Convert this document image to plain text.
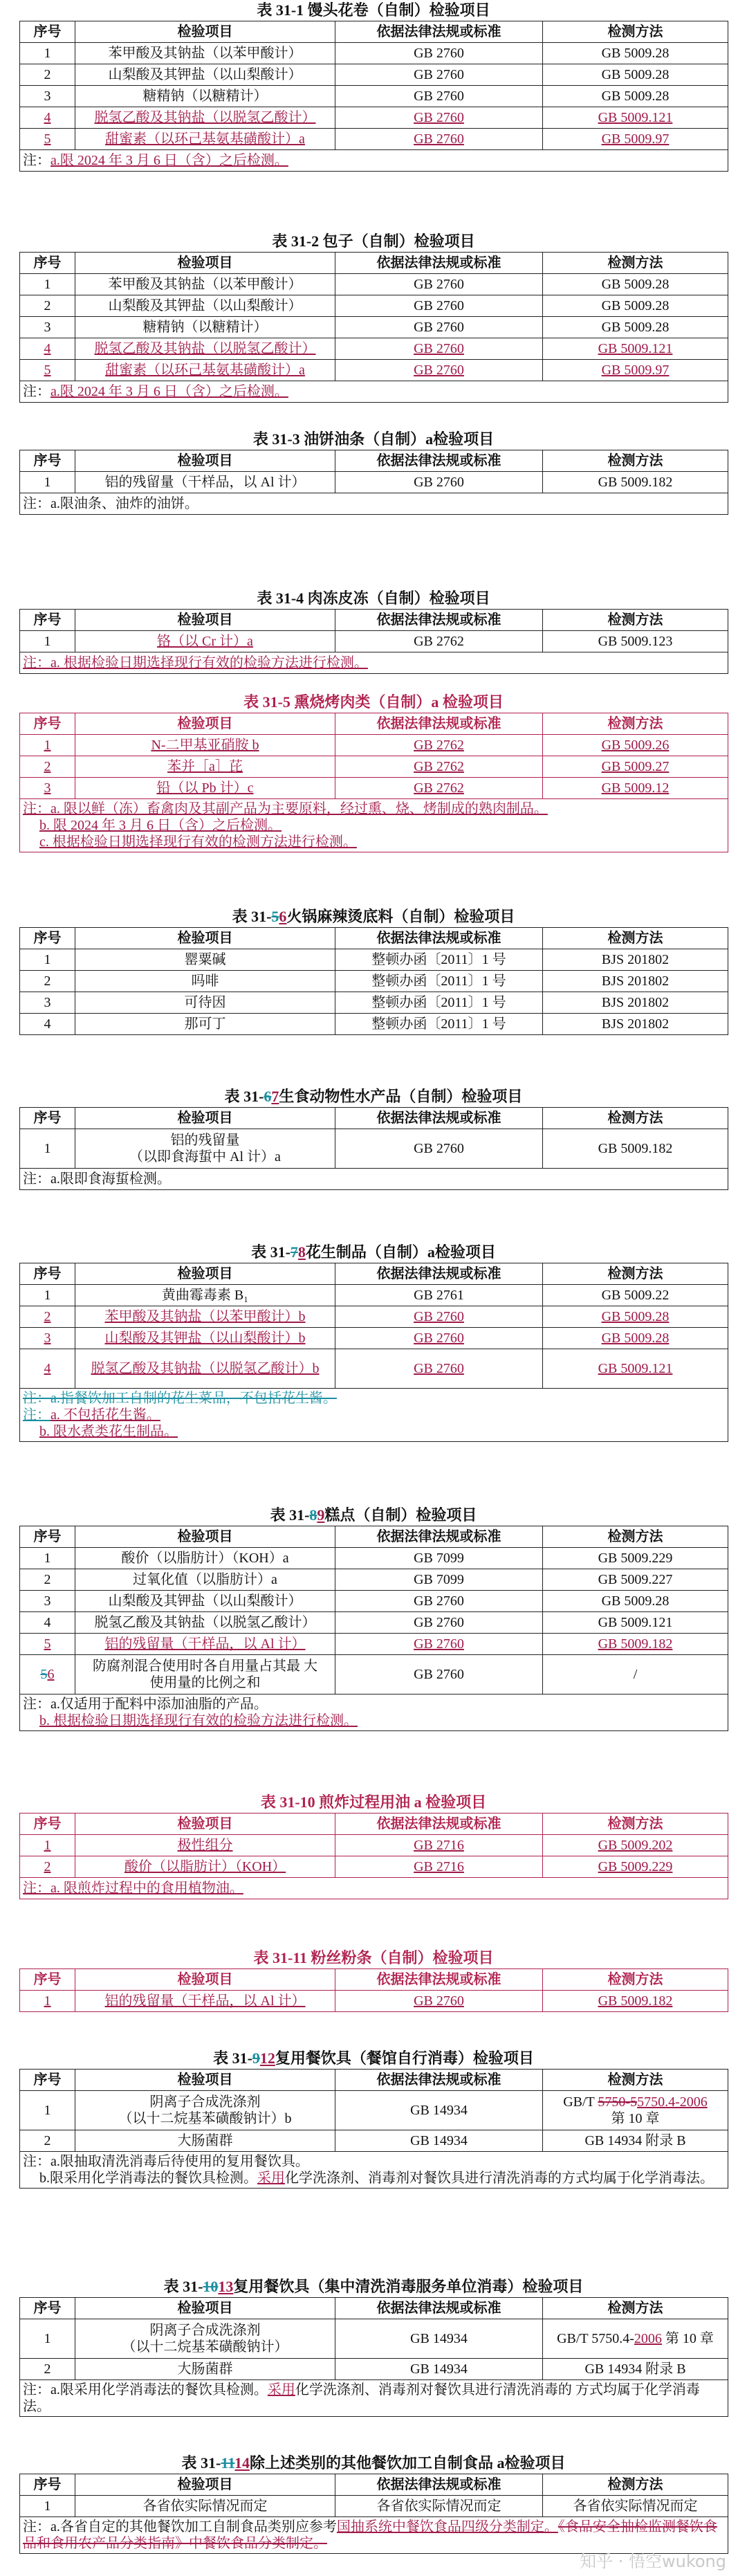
表 31-1 馒头花卷（自制）检验项目
序号	检验项目	依据法律法规或标准	检测方法
1	苯甲酸及其钠盐（以苯甲酸计）	GB 2760	GB 5009.28
2	山梨酸及其钾盐（以山梨酸计）	GB 2760	GB 5009.28
3	糖精钠（以糖精计）	GB 2760	GB 5009.28
4	脱氢乙酸及其钠盐（以脱氢乙酸计）	GB 2760	GB 5009.121
5	甜蜜素（以环己基氨基磺酸计）a	GB 2760	GB 5009.97
注：a.限 2024 年 3 月 6 日（含）之后检测。			
表 31-2 包子（自制）检验项目
序号	检验项目	依据法律法规或标准	检测方法
1	苯甲酸及其钠盐（以苯甲酸计）	GB 2760	GB 5009.28
2	山梨酸及其钾盐（以山梨酸计）	GB 2760	GB 5009.28
3	糖精钠（以糖精计）	GB 2760	GB 5009.28
4	脱氢乙酸及其钠盐（以脱氢乙酸计）	GB 2760	GB 5009.121
5	甜蜜素（以环己基氨基磺酸计）a	GB 2760	GB 5009.97
注：a.限 2024 年 3 月 6 日（含）之后检测。			
表 31-3 油饼油条（自制）a检验项目
序号	检验项目	依据法律法规或标准	检测方法
1	铝的残留量（干样品，以 Al 计）	GB 2760	GB 5009.182
注：a.限油条、油炸的油饼。			
表 31-4 肉冻皮冻（自制）检验项目
序号	检验项目	依据法律法规或标准	检测方法
1	铬（以 Cr 计）a	GB 2762	GB 5009.123
注：a. 根据检验日期选择现行有效的检验方法进行检测。			
表 31-5 熏烧烤肉类（自制）a 检验项目
序号	检验项目	依据法律法规或标准	检测方法
1	N-二甲基亚硝胺 b	GB 2762	GB 5009.26
2	苯并［a］芘	GB 2762	GB 5009.27
3	铅（以 Pb 计）c	GB 2762	GB 5009.12

注：a. 限以鲜（冻）畜禽肉及其副产品为主要原料，经过熏、烧、烤制成的熟肉制品。
b. 限 2024 年 3 月 6 日（含）之后检测。
c. 根据检验日期选择现行有效的检测方法进行检测。			
表 31-56火锅麻辣烫底料（自制）检验项目
序号	检验项目	依据法律法规或标准	检测方法
1	罂粟碱	整顿办函〔2011〕1 号	BJS 201802
2	吗啡	整顿办函〔2011〕1 号	BJS 201802
3	可待因	整顿办函〔2011〕1 号	BJS 201802
4	那可丁	整顿办函〔2011〕1 号	BJS 201802
表 31-67生食动物性水产品（自制）检验项目
序号	检验项目	依据法律法规或标准	检测方法
1	铝的残留量
（以即食海蜇中 Al 计）a	GB 2760	GB 5009.182
注：a.限即食海蜇检测。			
表 31-78花生制品（自制）a检验项目
序号	检验项目	依据法律法规或标准	检测方法
1	黄曲霉毒素 B₁	GB 2761	GB 5009.22
2	苯甲酸及其钠盐（以苯甲酸计）b	GB 2760	GB 5009.28
3	山梨酸及其钾盐（以山梨酸计）b	GB 2760	GB 5009.28
4	脱氢乙酸及其钠盐（以脱氢乙酸计）b	GB 2760	GB 5009.121

注：a.指餐饮加工自制的花生菜品，不包括花生酱。
注：a. 不包括花生酱。
b. 限水煮类花生制品。			
表 31-89糕点（自制）检验项目
序号	检验项目	依据法律法规或标准	检测方法
1	酸价（以脂肪计）（KOH）a	GB 7099	GB 5009.229
2	过氧化值（以脂肪计）a	GB 7099	GB 5009.227
3	山梨酸及其钾盐（以山梨酸计）	GB 2760	GB 5009.28
4	脱氢乙酸及其钠盐（以脱氢乙酸计）	GB 2760	GB 5009.121
5	铝的残留量（干样品，以 Al 计）	GB 2760	GB 5009.182
56	防腐剂混合使用时各自用量占其最 大
使用量的比例之和	GB 2760	/

注：a.仅适用于配料中添加油脂的产品。
b. 根据检验日期选择现行有效的检验方法进行检测。			
表 31-10 煎炸过程用油 a 检验项目
序号	检验项目	依据法律法规或标准	检测方法
1	极性组分	GB 2716	GB 5009.202
2	酸价（以脂肪计）（KOH）	GB 2716	GB 5009.229
注：a. 限煎炸过程中的食用植物油。			
表 31-11 粉丝粉条（自制）检验项目
序号	检验项目	依据法律法规或标准	检测方法
1	铝的残留量（干样品，以 Al 计）	GB 2760	GB 5009.182
表 31-912复用餐饮具（餐馆自行消毒）检验项目
序号	检验项目	依据法律法规或标准	检测方法
1	阴离子合成洗涤剂
（以十二烷基苯磺酸钠计）b	GB 14934	GB/T 5750-55750.4-2006
第 10 章

2	大肠菌群	GB 14934	GB 14934 附录 B

注：a.限抽取清洗消毒后待使用的复用餐饮具。
b.限采用化学消毒法的餐饮具检测。采用化学洗涤剂、消毒剂对餐饮具进行清洗消毒的方式均属于化学消毒法。			
表 31-1013复用餐饮具（集中清洗消毒服务单位消毒）检验项目
序号	检验项目	依据法律法规或标准	检测方法
1	阴离子合成洗涤剂
（以十二烷基苯磺酸钠计）	GB 14934	GB/T 5750.4-2006 第 10 章
2	大肠菌群	GB 14934	GB 14934 附录 B
注：a.限采用化学消毒法的餐饮具检测。采用化学洗涤剂、消毒剂对餐饮具进行清洗消毒的 方式均属于化学消毒法。			
表 31-1114除上述类别的其他餐饮加工自制食品 a检验项目
序号	检验项目	依据法律法规或标准	检测方法
1	各省依实际情况而定	各省依实际情况而定	各省依实际情况而定
注：a.各省自定的其他餐饮加工自制食品类别应参考国抽系统中餐饮食品四级分类制定。《食品安全抽检监测餐饮食品和食用农产品分类指南》中餐饮食品分类制定。			
知乎 · 悟空wukong
